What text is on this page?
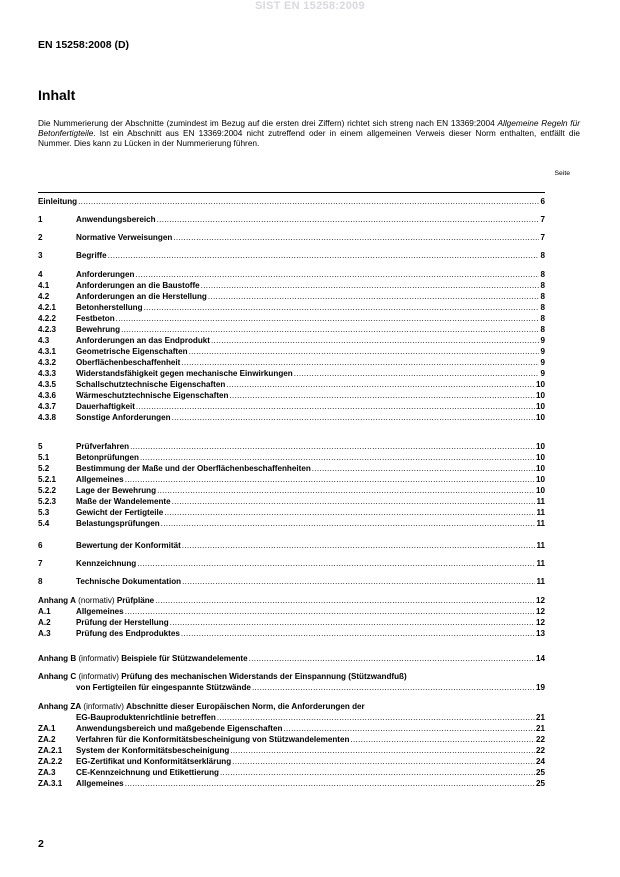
SIST EN 15258:2009
EN 15258:2008 (D)
Inhalt
Die Nummerierung der Abschnitte (zumindest im Bezug auf die ersten drei Ziffern) richtet sich streng nach EN 13369:2004 Allgemeine Regeln für Betonfertigteile. Ist ein Abschnitt aus EN 13369:2004 nicht zutreffend oder in einem allgemeinen Verweis dieser Norm enthalten, entfällt die Nummer. Dies kann zu Lücken in der Nummerierung führen.
Seite
Einleitung .....	6
1	Anwendungsbereich .....	7
2	Normative Verweisungen .....	7
3	Begriffe .....	8
4	Anforderungen .....	8
4.1	Anforderungen an die Baustoffe .....	8
4.2	Anforderungen an die Herstellung .....	8
4.2.1	Betonherstellung .....	8
4.2.2	Festbeton .....	8
4.2.3	Bewehrung .....	8
4.3	Anforderungen an das Endprodukt .....	9
4.3.1	Geometrische Eigenschaften .....	9
4.3.2	Oberflächenbeschaffenheit .....	9
4.3.3	Widerstandsfähigkeit gegen mechanische Einwirkungen .....	9
4.3.5	Schallschutztechnische Eigenschaften .....	10
4.3.6	Wärmeschutztechnische Eigenschaften .....	10
4.3.7	Dauerhaftigkeit .....	10
4.3.8	Sonstige Anforderungen .....	10
5	Prüfverfahren .....	10
5.1	Betonprüfungen .....	10
5.2	Bestimmung der Maße und der Oberflächenbeschaffenheiten .....	10
5.2.1	Allgemeines .....	10
5.2.2	Lage der Bewehrung .....	10
5.2.3	Maße der Wandelemente .....	11
5.3	Gewicht der Fertigteile .....	11
5.4	Belastungsprüfungen .....	11
6	Bewertung der Konformität .....	11
7	Kennzeichnung .....	11
8	Technische Dokumentation .....	11
Anhang A (normativ) Prüfpläne .....	12
A.1	Allgemeines .....	12
A.2	Prüfung der Herstellung .....	12
A.3	Prüfung des Endproduktes .....	13
Anhang B (informativ) Beispiele für Stützwandelemente .....	14
Anhang C (informativ) Prüfung des mechanischen Widerstands der Einspannung (Stützwandfuß)
von Fertigteilen für eingespannte Stützwände .....	19
Anhang ZA (informativ) Abschnitte dieser Europäischen Norm, die Anforderungen der
EG-Bauproduktenrichtlinie betreffen .....	21
ZA.1	Anwendungsbereich und maßgebende Eigenschaften .....	21
ZA.2	Verfahren für die Konformitätsbescheinigung von Stützwandelementen .....	22
ZA.2.1	System der Konformitätsbescheinigung .....	22
ZA.2.2	EG-Zertifikat und Konformitätserklärung .....	24
ZA.3	CE-Kennzeichnung und Etikettierung .....	25
ZA.3.1	Allgemeines .....	25
2
